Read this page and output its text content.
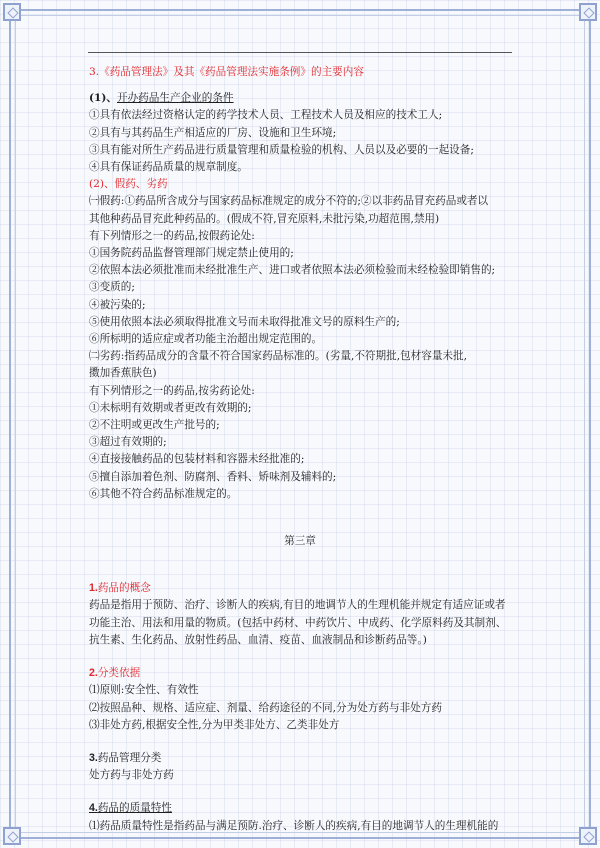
3.《药品管理法》及其《药品管理法实施条例》的主要内容

(1)、开办药品生产企业的条件

①具有依法经过资格认定的药学技术人员、工程技术人员及相应的技术工人;

②具有与其药品生产相适应的厂房、设施和卫生环境;

③具有能对所生产药品进行质量管理和质量检验的机构、人员以及必要的一起设备;

④具有保证药品质量的规章制度。

(2)、假药、劣药

㈠假药:①药品所含成分与国家药品标准规定的成分不符的;②以非药品冒充药品或者以

其他种药品冒充此种药品的。(假成不符,冒充原料,未批污染,功超范围,禁用)

有下列情形之一的药品,按假药论处:

①国务院药品监督管理部门规定禁止使用的;

②依照本法必须批准而未经批准生产、进口或者依照本法必须检验而未经检验即销售的;

③变质的;

④被污染的;

⑤使用依照本法必须取得批准文号而未取得批准文号的原料生产的;

⑥所标明的适应症或者功能主治超出规定范围的。

㈡劣药:指药品成分的含量不符合国家药品标准的。(劣量,不符期批,包材容量未批,

擞加香蕉肤色)

有下列情形之一的药品,按劣药论处:

①未标明有效期或者更改有效期的;

②不注明或更改生产批号的;

③超过有效期的;

④直接接触药品的包装材料和容器未经批准的;

⑤擅自添加着色剂、防腐剂、香料、矫味剂及辅料的;

⑥其他不符合药品标准规定的。

第三章

1.药品的概念

药品是指用于预防、治疗、诊断人的疾病,有目的地调节人的生理机能并规定有适应证或者

功能主治、用法和用量的物质。(包括中药材、中药饮片、中成药、化学原料药及其制剂、

抗生素、生化药品、放射性药品、血清、疫苗、血液制品和诊断药品等。)

2.分类依据

⑴原则:安全性、有效性

⑵按照品种、规格、适应症、剂量、给药途径的不同,分为处方药与非处方药

⑶非处方药,根据安全性,分为甲类非处方、乙类非处方

3.药品管理分类

处方药与非处方药

4.药品的质量特性

⑴药品质量特性是指药品与满足预防.治疗、诊断人的疾病,有目的地调节人的生理机能的
